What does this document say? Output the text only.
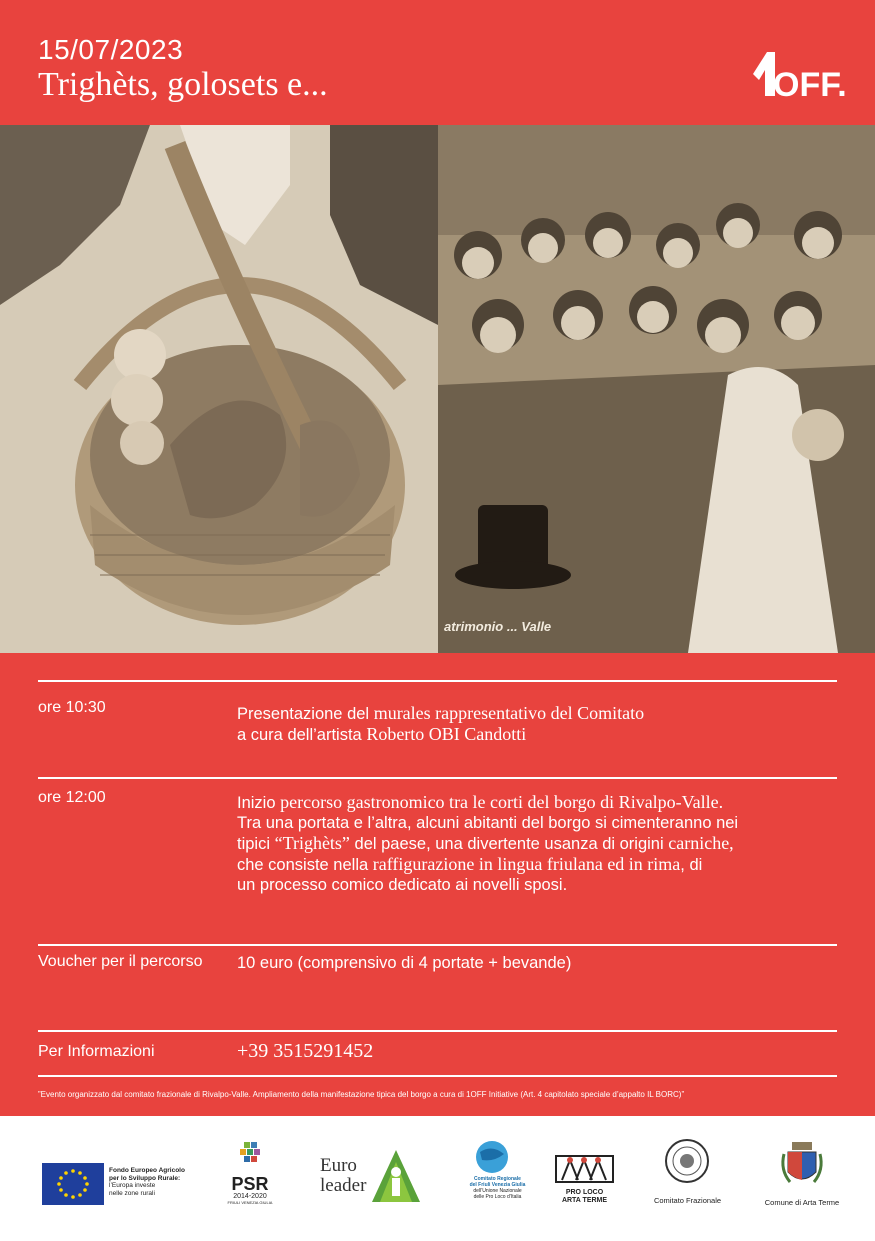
15/07/2023
Trighèts, golosets e...	OFF.
atrimonio ... Valle
ore 10:30	Presentazione del murales rappresentativo del Comitato
a cura dell’artista Roberto OBI Candotti
ore 12:00	Inizio percorso gastronomico tra le corti del borgo di Rivalpo-Valle.
Tra una portata e l’altra, alcuni abitanti del borgo si cimenteranno nei
tipici “Trighèts” del paese, una divertente usanza di origini carniche,
che consiste nella raffigurazione in lingua friulana ed in rima, di
un processo comico dedicato ai novelli sposi.
Voucher per il percorso 10 euro (comprensivo di 4 portate + bevande)
Per Informazioni	+39 3515291452
”Evento organizzato dal comitato frazionale di Rivalpo-Valle. Ampliamento della manifestazione tipica del borgo a cura di 1OFF Initiative (Art. 4 capitolato speciale d’appalto IL BORC)”
Fondo Europeo Agricolo
per lo Sviluppo Rurale:
l’Europa investe
nelle zone rurali	PSR
2014-2020
FRIULI VENEZIA GIULIA
Euro
leader	Comitato Regionale
del Friuli Venezia Giulia
dell’Unione Nazionale
delle Pro Loco d’Italia
PRO LOCO
ARTA TERME	Comitato Frazionale	Comune di Arta Terme
